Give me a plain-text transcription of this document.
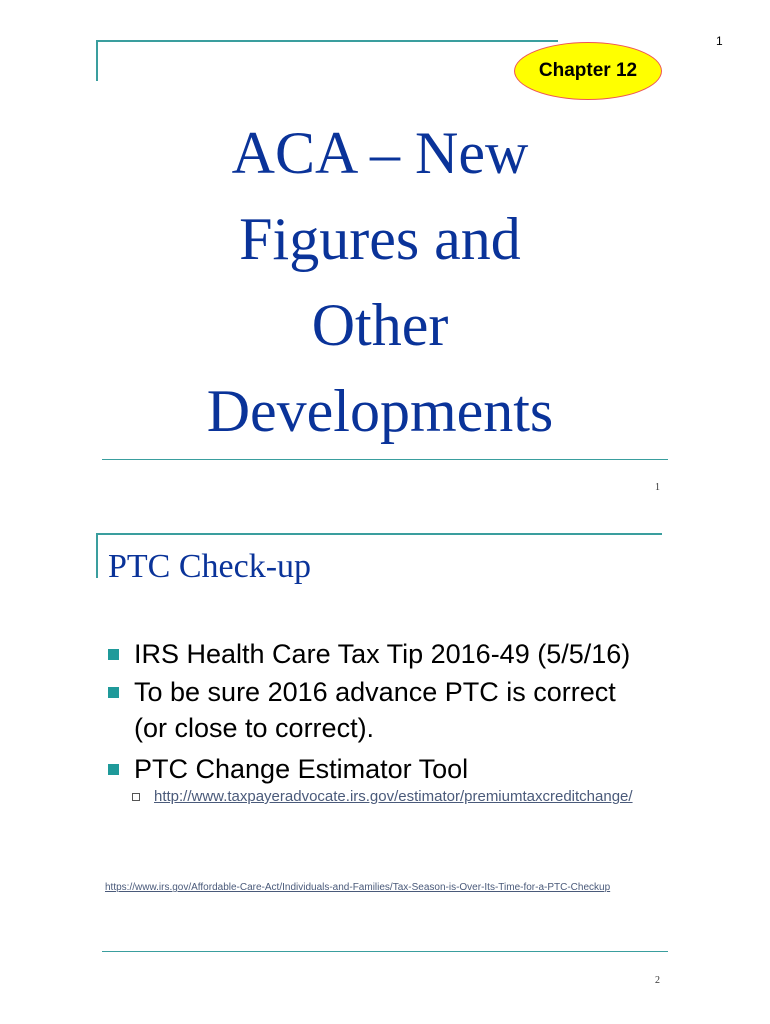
1
Chapter 12
ACA – New
Figures and
Other
Developments
1
PTC Check-up
IRS Health Care Tax Tip 2016-49 (5/5/16)
To be sure 2016 advance PTC is correct (or close to correct).
PTC Change Estimator Tool
http://www.taxpayeradvocate.irs.gov/estimator/premiumtaxcreditchange/
https://www.irs.gov/Affordable-Care-Act/Individuals-and-Families/Tax-Season-is-Over-Its-Time-for-a-PTC-Checkup
2
